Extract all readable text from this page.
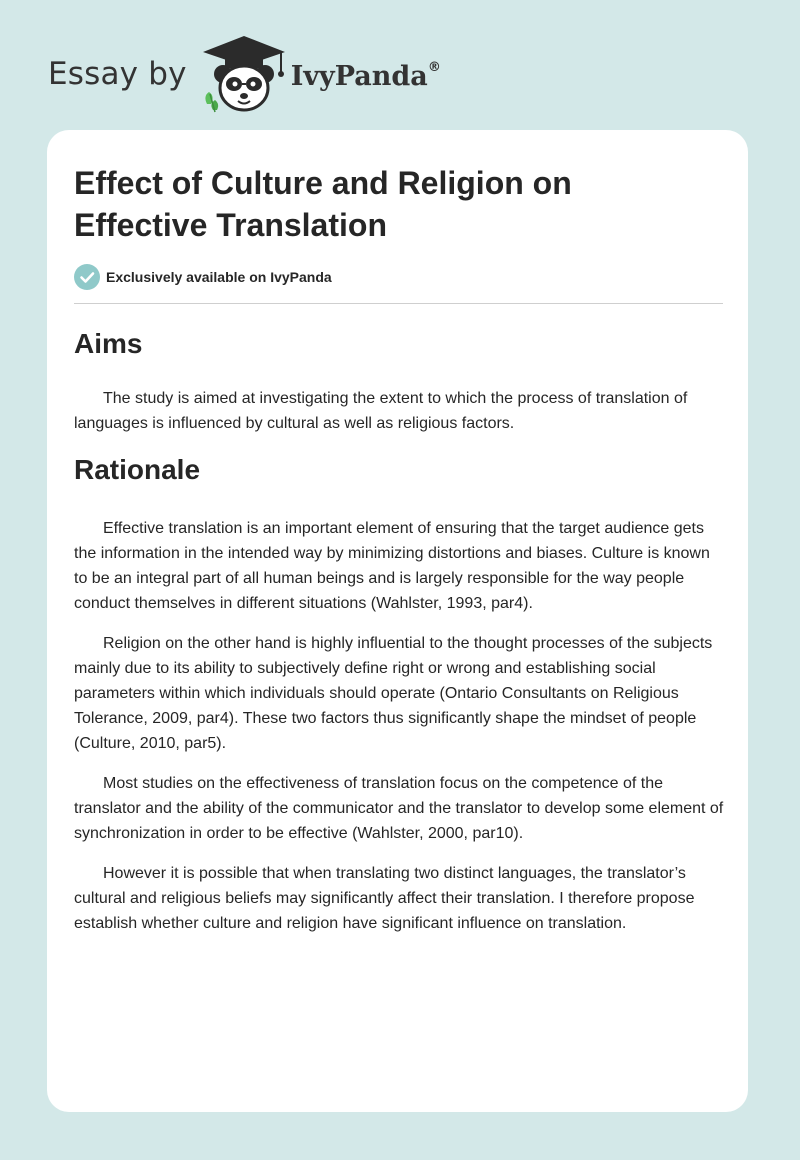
Essay by	IvyPanda®
Effect of Culture and Religion on Effective Translation
Exclusively available on IvyPanda
Aims

The study is aimed at investigating the extent to which the process of translation of languages is influenced by cultural as well as religious factors.

Rationale

Effective translation is an important element of ensuring that the target audience gets the information in the intended way by minimizing distortions and biases. Culture is known to be an integral part of all human beings and is largely responsible for the way people conduct themselves in different situations (Wahlster, 1993, par4).

Religion on the other hand is highly influential to the thought processes of the subjects mainly due to its ability to subjectively define right or wrong and establishing social parameters within which individuals should operate (Ontario Consultants on Religious Tolerance, 2009, par4). These two factors thus significantly shape the mindset of people (Culture, 2010, par5).

Most studies on the effectiveness of translation focus on the competence of the translator and the ability of the communicator and the translator to develop some element of synchronization in order to be effective (Wahlster, 2000, par10).

However it is possible that when translating two distinct languages, the translator’s cultural and religious beliefs may significantly affect their translation. I therefore propose establish whether culture and religion have significant influence on translation.
